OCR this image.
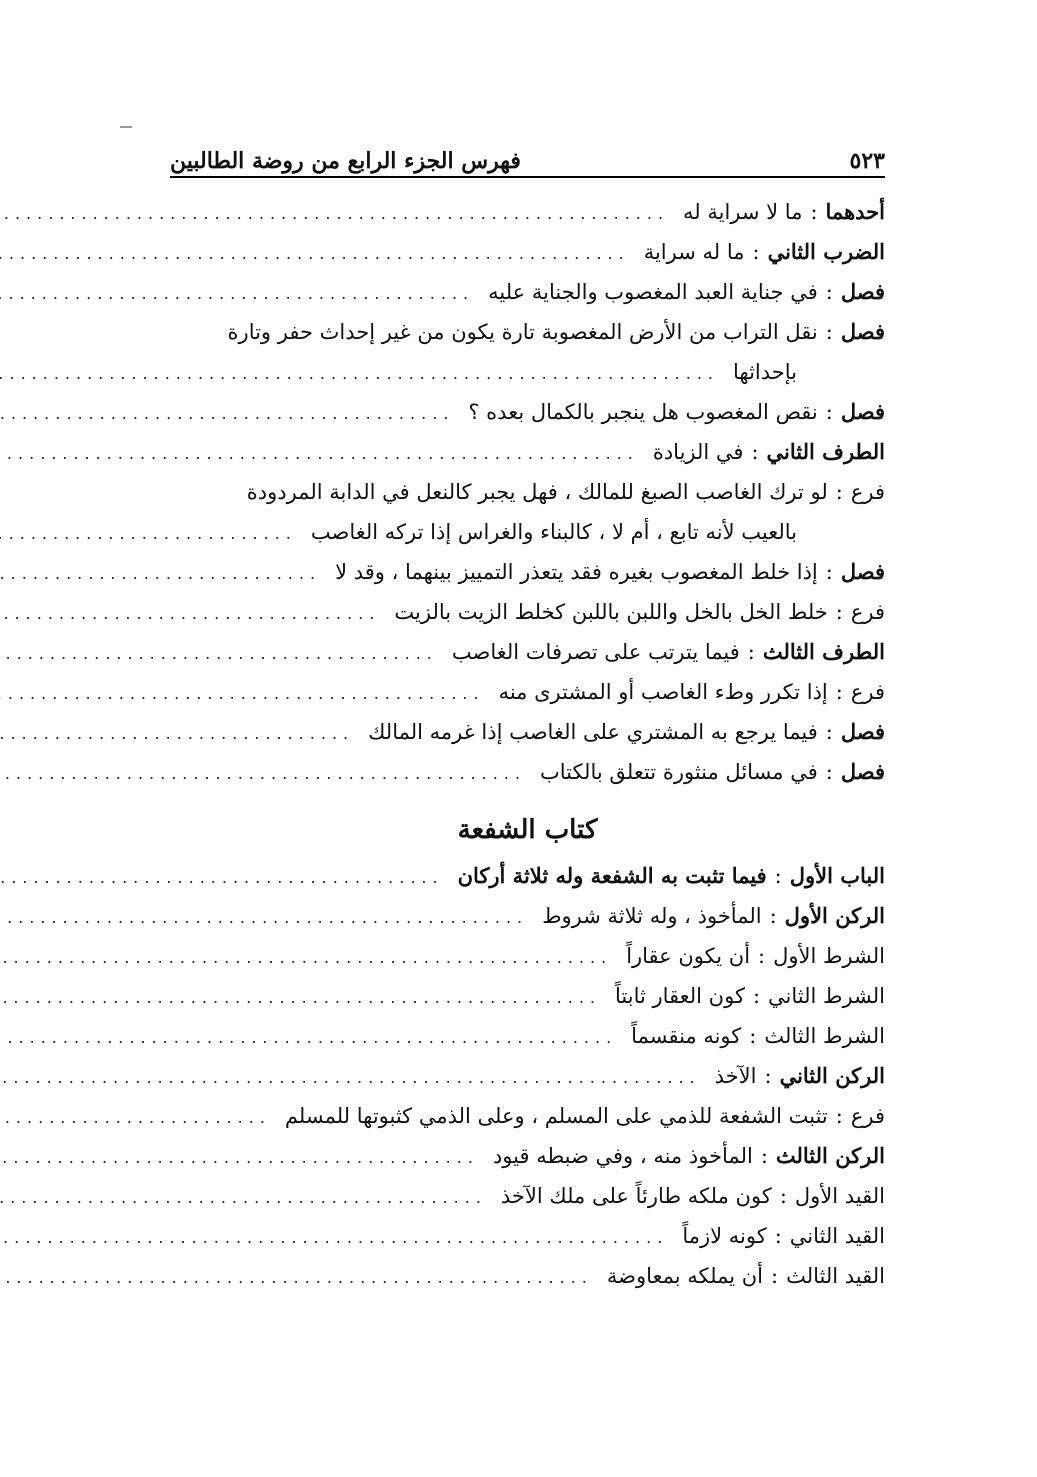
فهرس الجزء الرابع من روضة الطالبين	٥٢٣
أحدهما
:
ما لا سراية له
.....
الضرب الثاني
:
ما له سراية
.....
فصل
:
في جناية العبد المغصوب والجناية عليه
.....
فصل
:
نقل التراب من الأرض المغصوبة تارة يكون من غير إحداث حفر وتارة
بإحداثها
.....
فصل
:
نقص المغصوب هل ينجبر بالكمال بعده ؟
.....
الطرف الثاني
:
في الزيادة
.....
فرع
:
لو ترك الغاصب الصبغ للمالك ، فهل يجبر كالنعل في الدابة المردودة
بالعيب لأنه تابع ، أم لا ، كالبناء والغراس إذا تركه الغاصب
.....
فصل
:
إذا خلط المغصوب بغيره فقد يتعذر التمييز بينهما ، وقد لا
.....
فرع
:
خلط الخل بالخل واللبن باللبن كخلط الزيت بالزيت
.....
الطرف الثالث
:
فيما يترتب على تصرفات الغاصب
.....
فرع
:
إذا تكرر وطء الغاصب أو المشترى منه
.....
فصل
:
فيما يرجع به المشتري على الغاصب إذا غرمه المالك
.....
فصل
:
في مسائل منثورة تتعلق بالكتاب
.....
كتاب الشفعة
الباب الأول
:
فيما تثبت به الشفعة وله ثلاثة أركان
.....
الركن الأول
:
المأخوذ ، وله ثلاثة شروط
.....
الشرط الأول
:
أن يكون عقاراً
.....
الشرط الثاني
:
كون العقار ثابتاً
.....
الشرط الثالث
:
كونه منقسماً
.....
الركن الثاني
:
الآخذ
.....
فرع
:
تثبت الشفعة للذمي على المسلم ، وعلى الذمي كثبوتها للمسلم
.....
الركن الثالث
:
المأخوذ منه ، وفي ضبطه قيود
.....
القيد الأول
:
كون ملكه طارئاً على ملك الآخذ
.....
القيد الثاني
:
كونه لازماً
.....
القيد الثالث
:
أن يملكه بمعاوضة
.....
